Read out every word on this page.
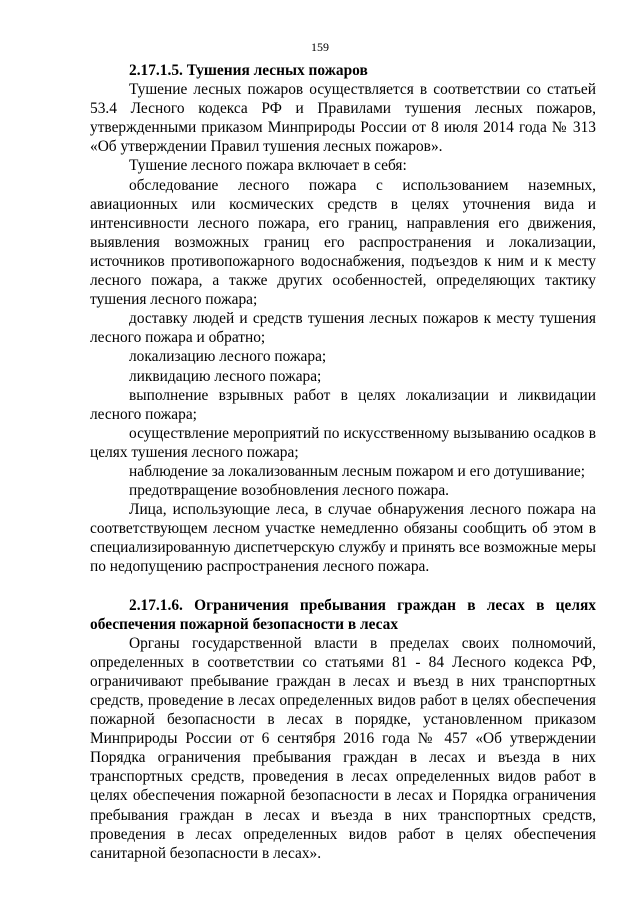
159

2.17.1.5. Тушения лесных пожаров

Тушение лесных пожаров осуществляется в соответствии со статьей 53.4 Лесного кодекса РФ и Правилами тушения лесных пожаров, утвержденными приказом Минприроды России от 8 июля 2014 года № 313 «Об утверждении Правил тушения лесных пожаров».

Тушение лесного пожара включает в себя:

обследование лесного пожара с использованием наземных, авиационных или космических средств в целях уточнения вида и интенсивности лесного пожара, его границ, направления его движения, выявления возможных границ его распространения и локализации, источников противопожарного водоснабжения, подъездов к ним и к месту лесного пожара, а также других особенностей, определяющих тактику тушения лесного пожара;

доставку людей и средств тушения лесных пожаров к месту тушения лесного пожара и обратно;

локализацию лесного пожара;

ликвидацию лесного пожара;

выполнение взрывных работ в целях локализации и ликвидации лесного пожара;

осуществление мероприятий по искусственному вызыванию осадков в целях тушения лесного пожара;

наблюдение за локализованным лесным пожаром и его дотушивание;

предотвращение возобновления лесного пожара.

Лица, использующие леса, в случае обнаружения лесного пожара на соответствующем лесном участке немедленно обязаны сообщить об этом в специализированную диспетчерскую службу и принять все возможные меры по недопущению распространения лесного пожара.

2.17.1.6. Ограничения пребывания граждан в лесах в целях обеспечения пожарной безопасности в лесах

Органы государственной власти в пределах своих полномочий, определенных в соответствии со статьями 81 - 84 Лесного кодекса РФ, ограничивают пребывание граждан в лесах и въезд в них транспортных средств, проведение в лесах определенных видов работ в целях обеспечения пожарной безопасности в лесах в порядке, установленном приказом Минприроды России от 6 сентября 2016 года № 457 «Об утверждении Порядка ограничения пребывания граждан в лесах и въезда в них транспортных средств, проведения в лесах определенных видов работ в целях обеспечения пожарной безопасности в лесах и Порядка ограничения пребывания граждан в лесах и въезда в них транспортных средств, проведения в лесах определенных видов работ в целях обеспечения санитарной безопасности в лесах».
